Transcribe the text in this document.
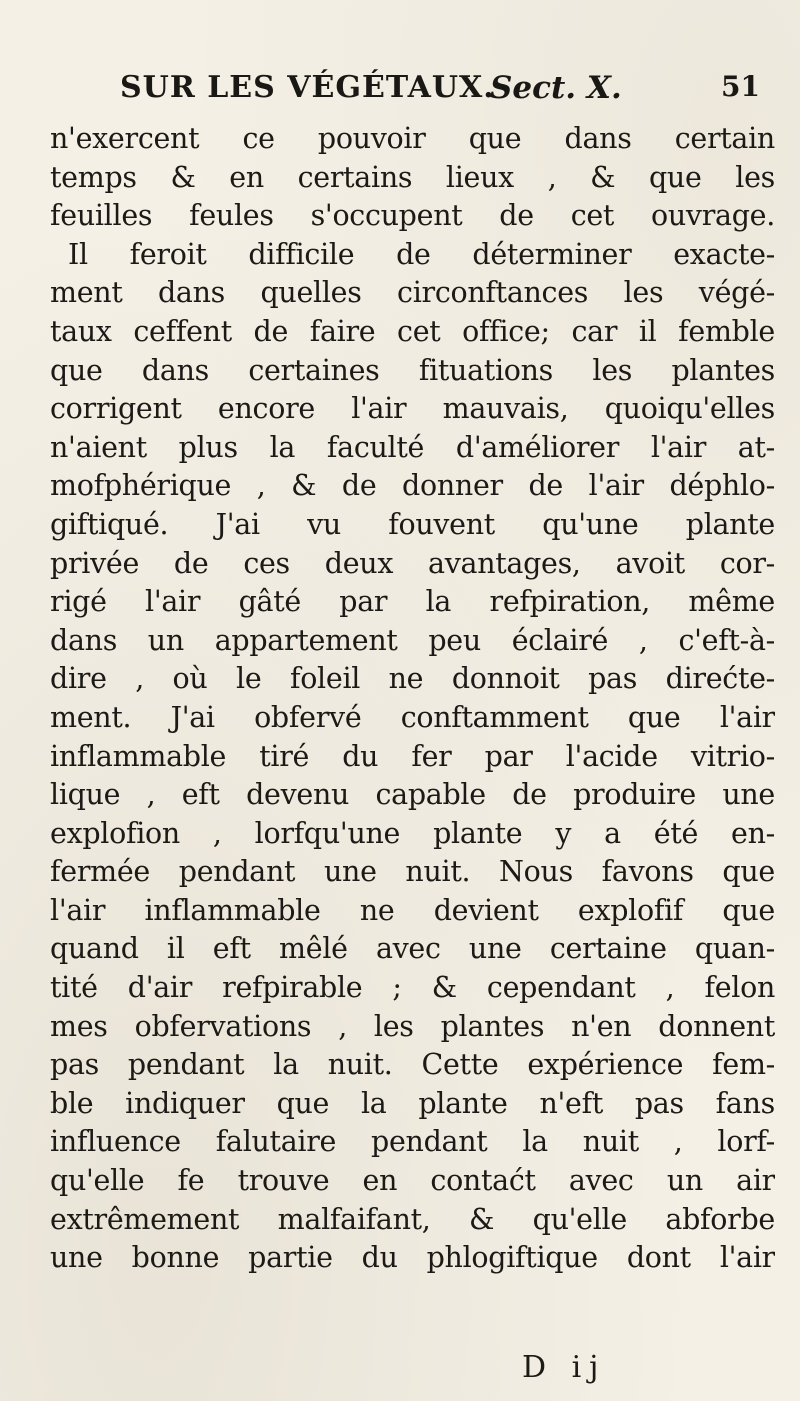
SUR LES VÉGÉTAUX.
Sect. X.	51
n'exercent ce pouvoir que dans certain
temps & en certains lieux , & que les
feuilles feules s'occupent de cet ouvrage.
Il feroit difficile de déterminer exacte-
ment dans quelles circonftances les végé-
taux ceffent de faire cet office; car il femble
que dans certaines fituations les plantes
corrigent encore l'air mauvais, quoiqu'elles
n'aient plus la faculté d'améliorer l'air at-
mofphérique , & de donner de l'air déphlo-
giftiqué. J'ai vu fouvent qu'une plante
privée de ces deux avantages, avoit cor-
rigé l'air gâté par la refpiration, même
dans un appartement peu éclairé , c'eft-à-
dire , où le foleil ne donnoit pas direćte-
ment. J'ai obfervé conftamment que l'air
inflammable tiré du fer par l'acide vitrio-
lique , eft devenu capable de produire une
explofion , lorfqu'une plante y a été en-
fermée pendant une nuit. Nous favons que
l'air inflammable ne devient explofif que
quand il eft mêlé avec une certaine quan-
tité d'air refpirable ; & cependant , felon
mes obfervations , les plantes n'en donnent
pas pendant la nuit. Cette expérience fem-
ble indiquer que la plante n'eft pas fans
influence falutaire pendant la nuit , lorf-
qu'elle fe trouve en contaćt avec un air
extrêmement malfaifant, & qu'elle abforbe
une bonne partie du phlogiftique dont l'air
D ij
